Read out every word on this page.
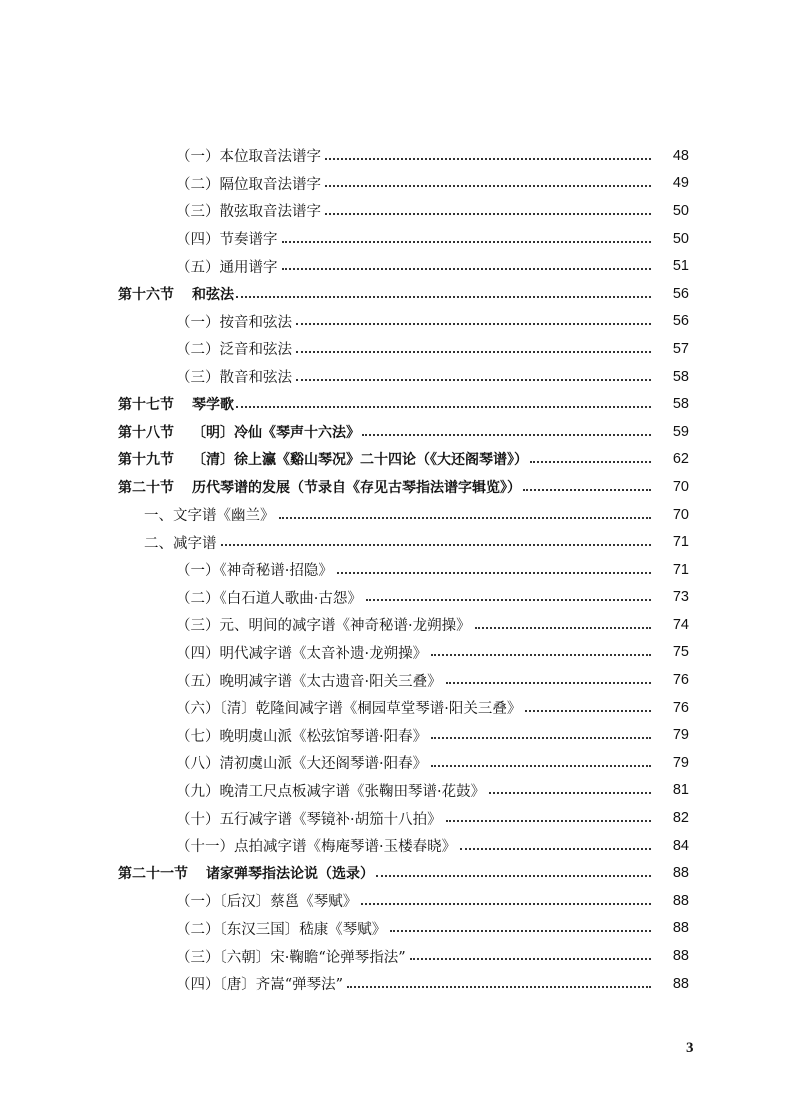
（一）本位取音法谱字	48
（二）隔位取音法谱字	49
（三）散弦取音法谱字	50
（四）节奏谱字	50
（五）通用谱字	51
第十六节 和弦法	56
（一）按音和弦法	56
（二）泛音和弦法	57
（三）散音和弦法	58
第十七节 琴学歌	58
第十八节 〔明〕冷仙《琴声十六法》	59
第十九节 〔清〕徐上瀛《谿山琴况》二十四论（《大还阁琴谱》）	62
第二十节 历代琴谱的发展（节录自《存见古琴指法谱字辑览》）	70
一、文字谱《幽兰》	70
二、减字谱	71
（一）《神奇秘谱·招隐》	71
（二）《白石道人歌曲·古怨》	73
（三）元、明间的减字谱《神奇秘谱·龙朔操》	74
（四）明代减字谱《太音补遗·龙朔操》	75
（五）晚明减字谱《太古遗音·阳关三叠》	76
（六）〔清〕乾隆间减字谱《桐园草堂琴谱·阳关三叠》	76
（七）晚明虞山派《松弦馆琴谱·阳春》	79
（八）清初虞山派《大还阁琴谱·阳春》	79
（九）晚清工尺点板减字谱《张鞠田琴谱·花鼓》	81
（十）五行减字谱《琴镜补·胡笳十八拍》	82
（十一）点拍减字谱《梅庵琴谱·玉楼春晓》	84
第二十一节 诸家弹琴指法论说（选录）	88
（一）〔后汉〕蔡邕《琴赋》	88
（二）〔东汉三国〕嵇康《琴赋》	88
（三）〔六朝〕宋·鞠瞻“论弹琴指法”	88
（四）〔唐〕齐嵩“弹琴法”	88
3
